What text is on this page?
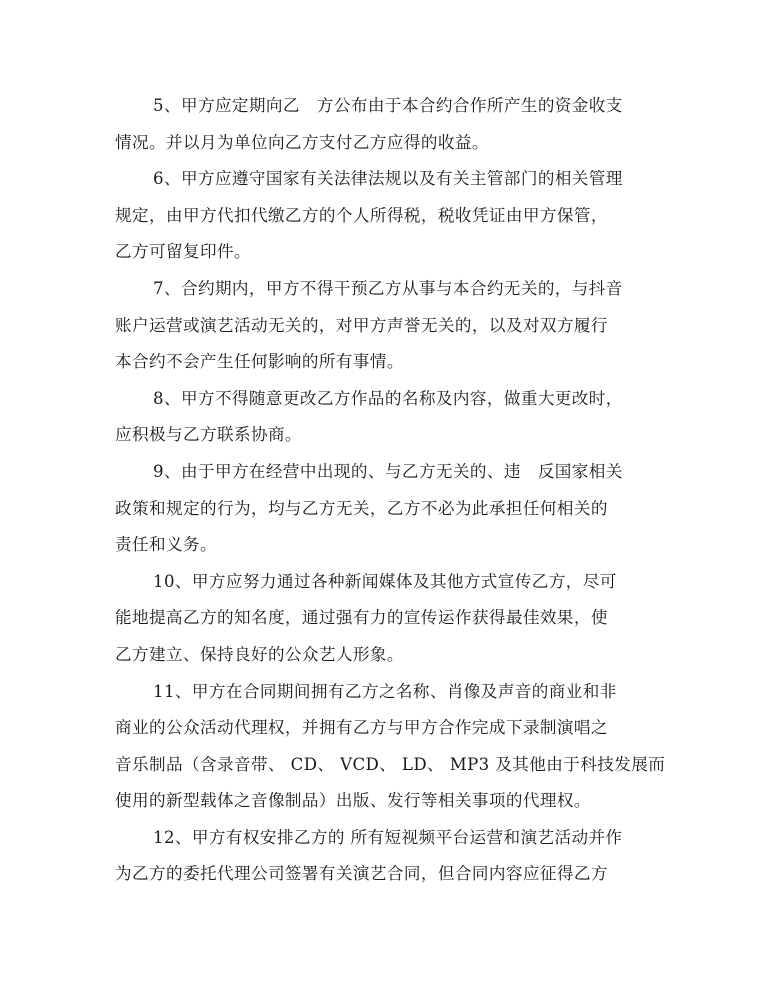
5、甲方应定期向乙　方公布由于本合约合作所产生的资金收支
情况。并以月为单位向乙方支付乙方应得的收益。
6、甲方应遵守国家有关法律法规以及有关主管部门的相关管理
规定，由甲方代扣代缴乙方的个人所得税，税收凭证由甲方保管，
乙方可留复印件。
7、合约期内，甲方不得干预乙方从事与本合约无关的，与抖音
账户运营或演艺活动无关的，对甲方声誉无关的，以及对双方履行
本合约不会产生任何影响的所有事情。
8、甲方不得随意更改乙方作品的名称及内容，做重大更改时，
应积极与乙方联系协商。
9、由于甲方在经营中出现的、与乙方无关的、违　反国家相关
政策和规定的行为，均与乙方无关，乙方不必为此承担任何相关的
责任和义务。
10、甲方应努力通过各种新闻媒体及其他方式宣传乙方，尽可
能地提高乙方的知名度，通过强有力的宣传运作获得最佳效果，使
乙方建立、保持良好的公众艺人形象。
11、甲方在合同期间拥有乙方之名称、肖像及声音的商业和非
商业的公众活动代理权，并拥有乙方与甲方合作完成下录制演唱之
音乐制品（含录音带、 CD、 VCD、 LD、 MP3 及其他由于科技发展而
使用的新型载体之音像制品）出版、发行等相关事项的代理权。
12、甲方有权安排乙方的 所有短视频平台运营和演艺活动并作
为乙方的委托代理公司签署有关演艺合同，但合同内容应征得乙方
